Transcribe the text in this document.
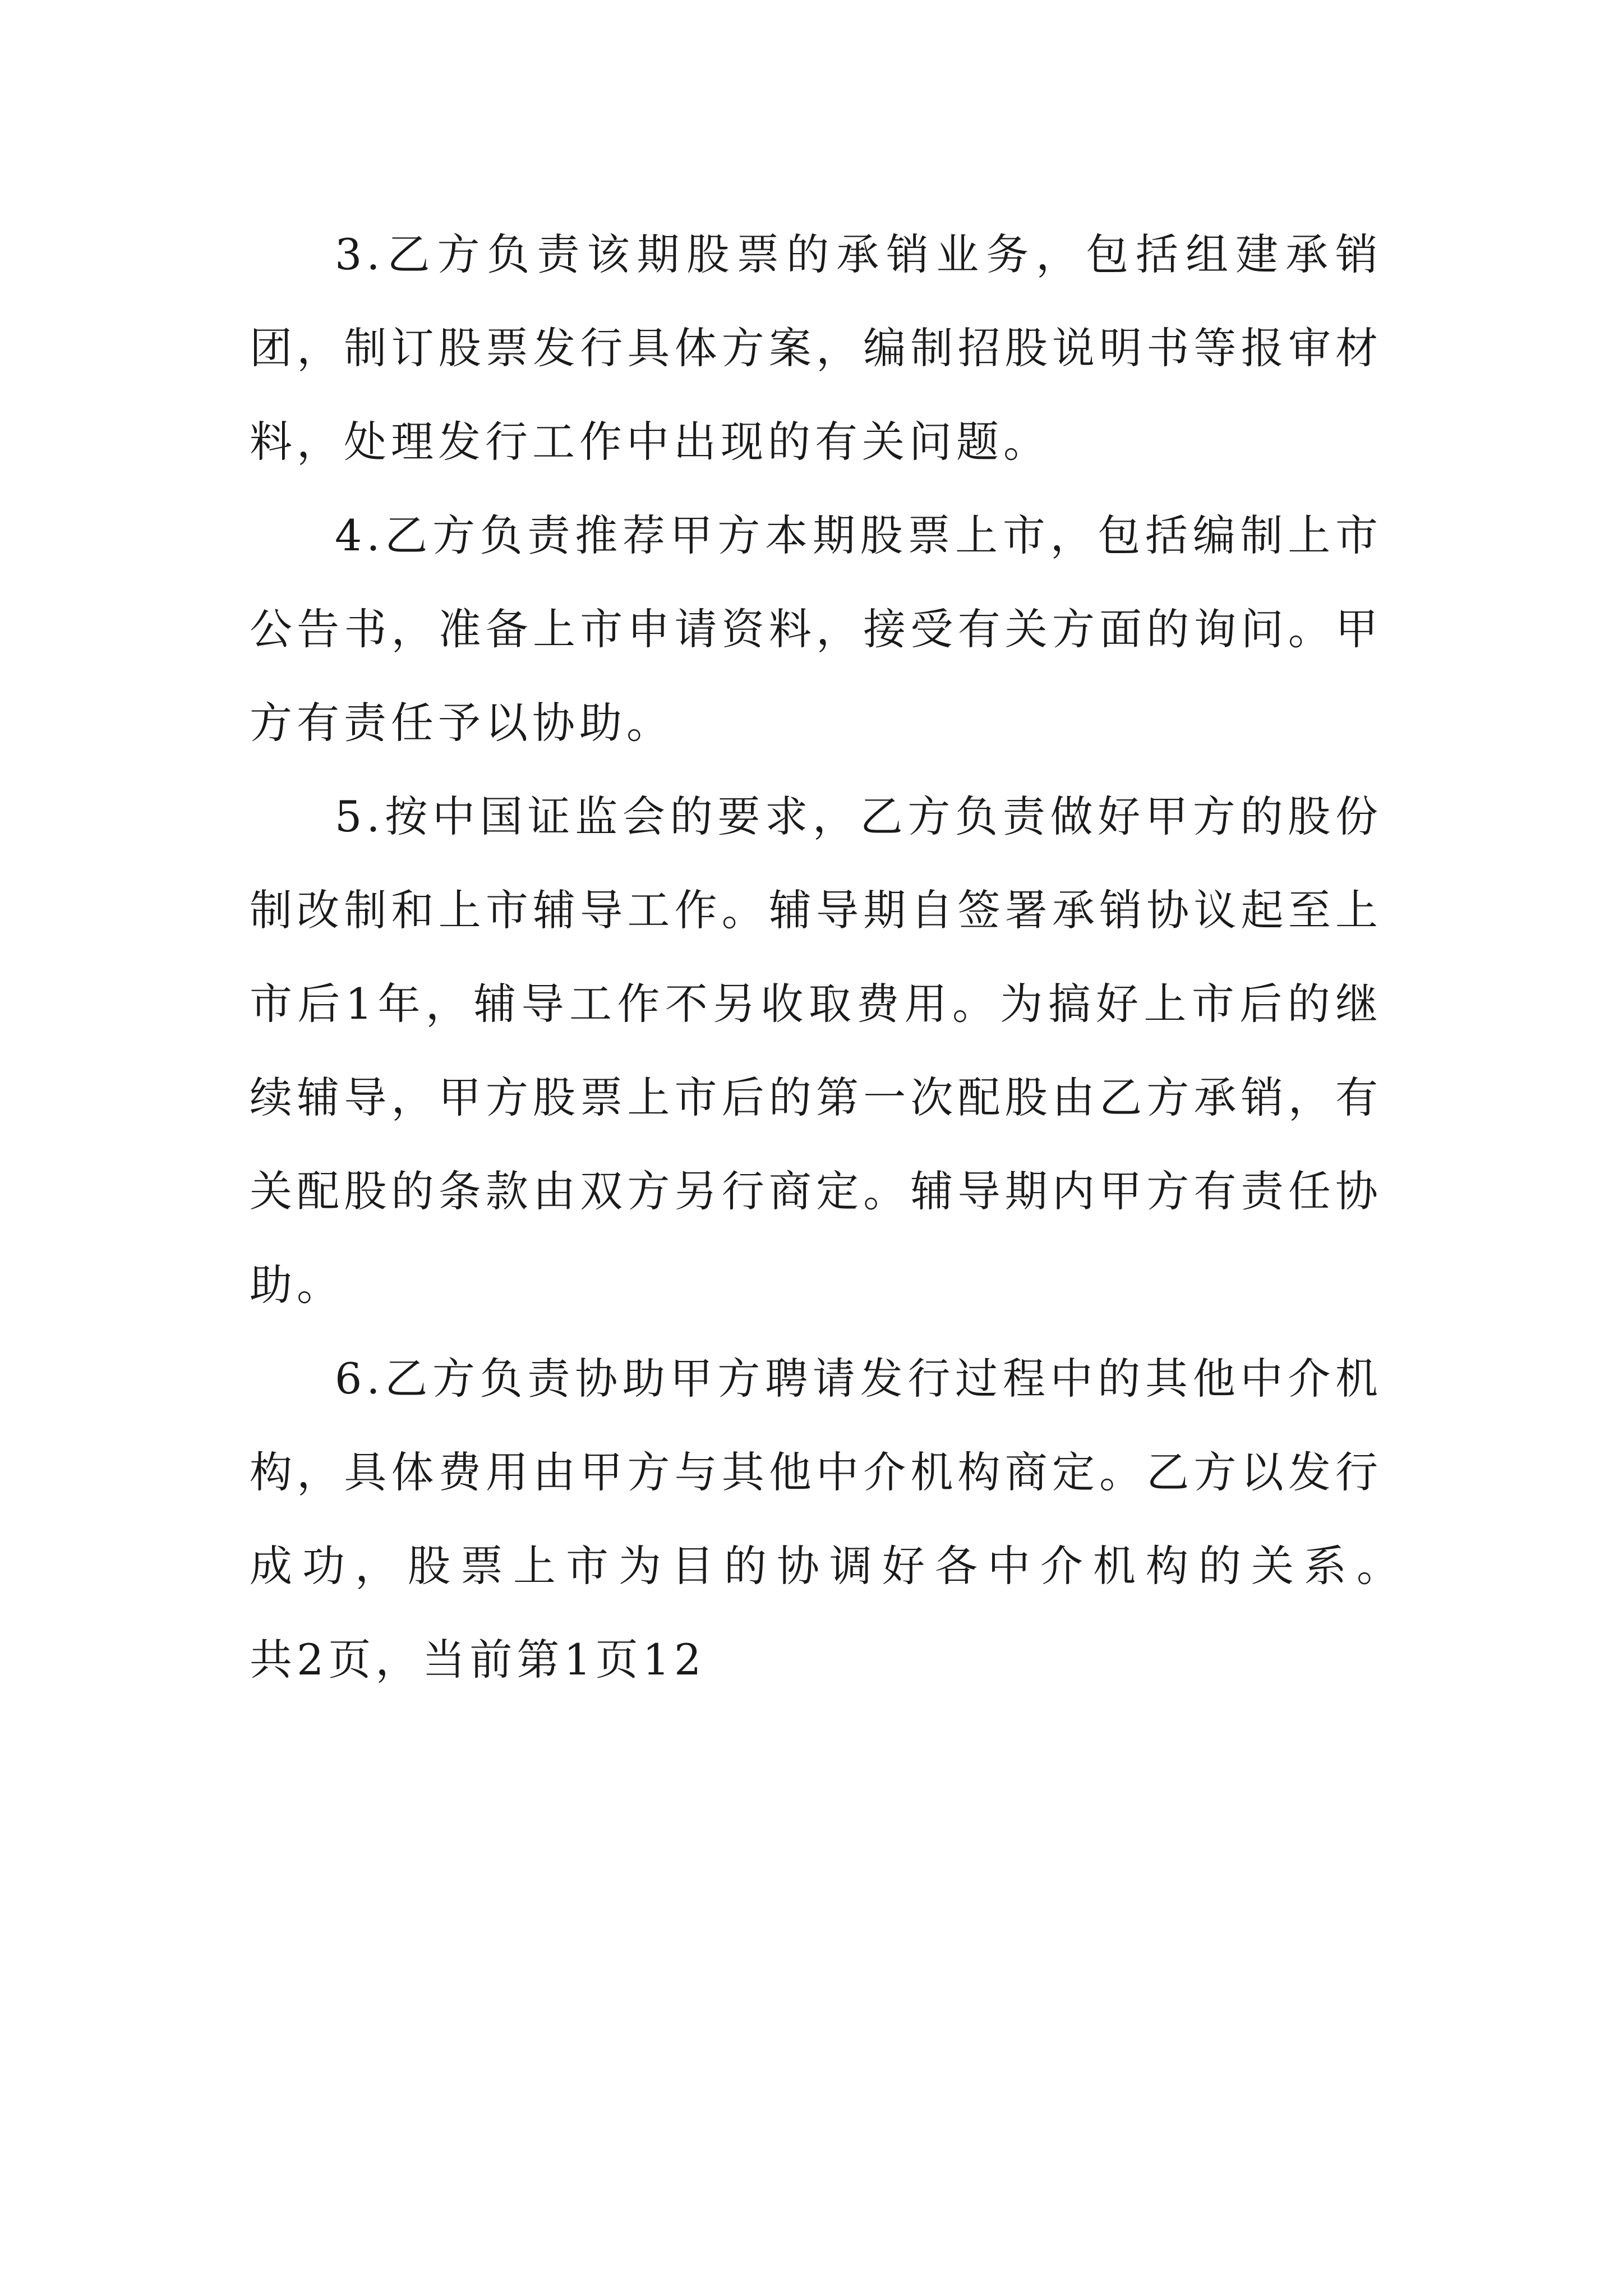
3.乙方负责该期股票的承销业务，包括组建承销团，制订股票发行具体方案，编制招股说明书等报审材料，处理发行工作中出现的有关问题。

4.乙方负责推荐甲方本期股票上市，包括编制上市公告书，准备上市申请资料，接受有关方面的询问。甲方有责任予以协助。

5.按中国证监会的要求，乙方负责做好甲方的股份制改制和上市辅导工作。辅导期自签署承销协议起至上市后1年，辅导工作不另收取费用。为搞好上市后的继续辅导，甲方股票上市后的第一次配股由乙方承销，有关配股的条款由双方另行商定。辅导期内甲方有责任协助。

6.乙方负责协助甲方聘请发行过程中的其他中介机构，具体费用由甲方与其他中介机构商定。乙方以发行成功，股票上市为目的协调好各中介机构的关系。　　　共2页，当前第1页12
